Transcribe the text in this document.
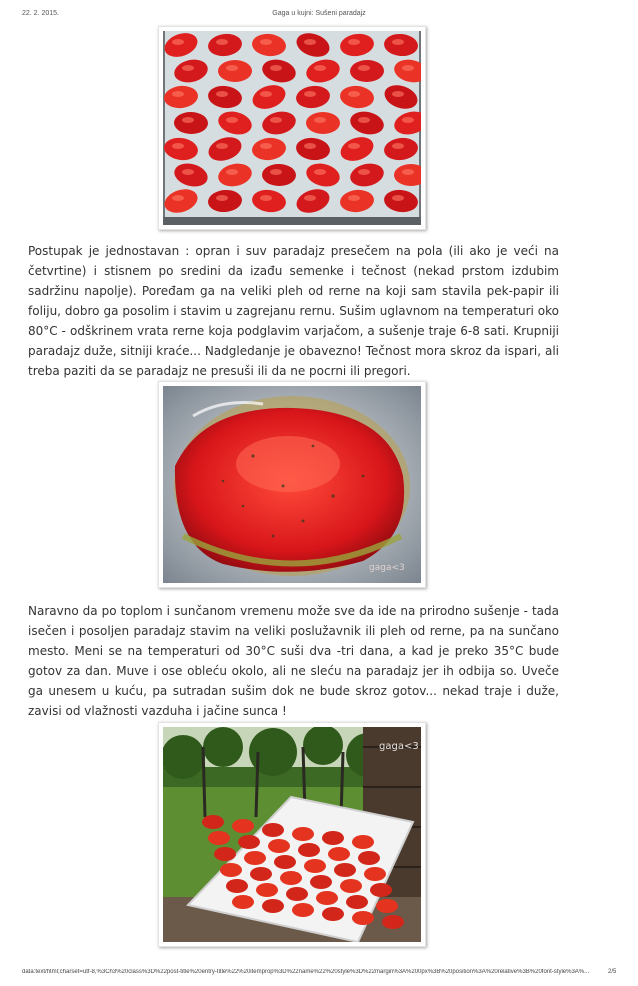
22. 2. 2015.	Gaga u kujni: Sušeni paradajz

Postupak je jednostavan : opran i suv paradajz presečem na pola (ili ako je veći na četvrtine) i stisnem po sredini da izađu semenke i tečnost (nekad prstom izdubim sadržinu napolje). Poređam ga na veliki pleh od rerne na koji sam stavila pek-papir ili foliju, dobro ga posolim i stavim u zagrejanu rernu. Sušim uglavnom na temperaturi oko 80°C - odškrinem vrata rerne koja podglavim varjačom, a sušenje traje 6-8 sati. Krupniji paradajz duže, sitniji kraće... Nadgledanje je obavezno! Tečnost mora skroz da ispari, ali treba paziti da se paradajz ne presuši ili da ne pocrni ili pregori.

gaga<3

Naravno da po toplom i sunčanom vremenu može sve da ide na prirodno sušenje - tada isečen i posoljen paradajz stavim na veliki poslužavnik ili pleh od rerne, pa na sunčano mesto. Meni se na temperaturi od 30°C suši dva -tri dana, a kad je preko 35°C bude gotov za dan. Muve i ose obleću okolo, ali ne sleću na paradajz jer ih odbija so. Uveče ga unesem u kuću, pa sutradan sušim dok ne bude skroz gotov... nekad traje i duže, zavisi od vlažnosti vazduha i jačine sunca !

gaga<3
data:text/html;charset=utf-8,%3Ch3%20class%3D%22post-title%20entry-title%22%20itemprop%3D%22name%22%20style%3D%22margin%3A%200px%3B%20position%3A%20relative%3B%20font-style%3A%...	2/5
